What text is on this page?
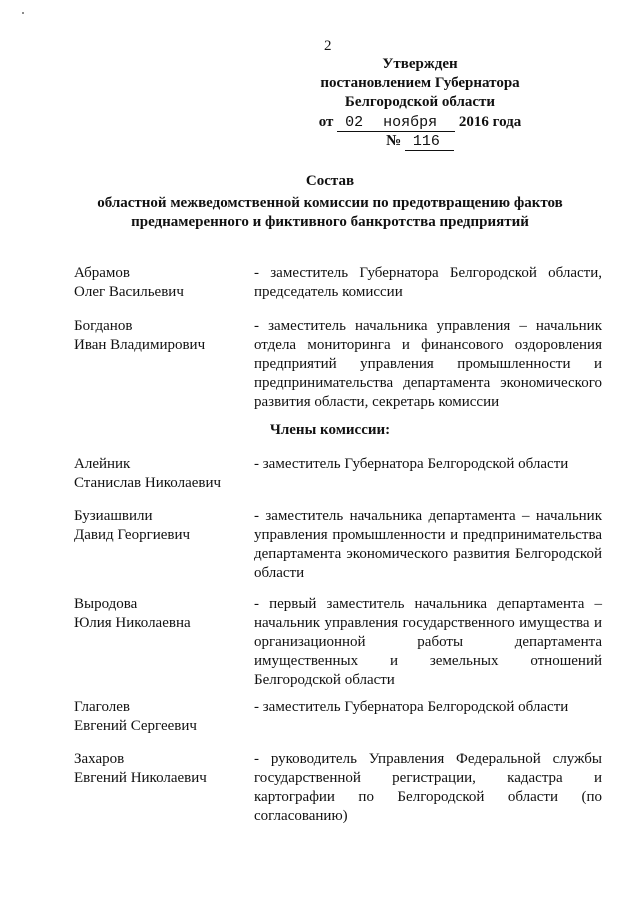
2
Утвержден
постановлением Губернатора
Белгородской области
от 02 ноября 2016 года
№ 116
Состав
областной межведомственной комиссии по предотвращению фактов
преднамеренного и фиктивного банкротства предприятий
Абрамов
Олег Васильевич
- заместитель Губернатора Белгородской области, председатель комиссии
Богданов
Иван Владимирович
- заместитель начальника управления – начальник отдела мониторинга и финансового оздоровления предприятий управления промышленности и предпринимательства департамента экономического развития области, секретарь комиссии
Члены комиссии:
Алейник
Станислав Николаевич
- заместитель Губернатора Белгородской области
Бузиашвили
Давид Георгиевич
- заместитель начальника департамента – начальник управления промышленности и предпринимательства департамента экономического развития Белгородской области
Выродова
Юлия Николаевна
- первый заместитель начальника департамента – начальник управления государственного имущества и организационной работы департамента имущественных и земельных отношений Белгородской области
Глаголев
Евгений Сергеевич
- заместитель Губернатора Белгородской области
Захаров
Евгений Николаевич
- руководитель Управления Федеральной службы государственной регистрации, кадастра и картографии по Белгородской области (по согласованию)
